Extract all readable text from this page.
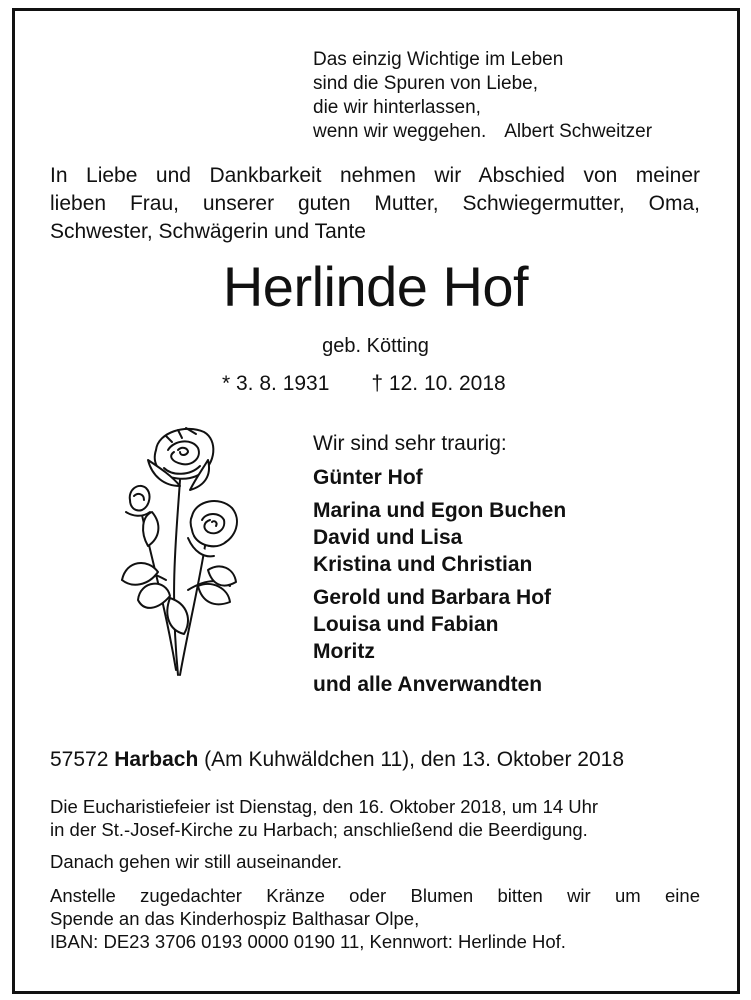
Das einzig Wichtige im Leben
sind die Spuren von Liebe,
die wir hinterlassen,
wenn wir weggehen. Albert Schweitzer
In Liebe und Dankbarkeit nehmen wir Abschied von meiner
lieben Frau, unserer guten Mutter, Schwiegermutter, Oma,
Schwester, Schwägerin und Tante
Herlinde Hof
geb. Kötting
* 3. 8. 1931 † 12. 10. 2018
Wir sind sehr traurig:
Günter Hof
Marina und Egon Buchen
David und Lisa
Kristina und Christian
Gerold und Barbara Hof
Louisa und Fabian
Moritz
und alle Anverwandten
57572 Harbach (Am Kuhwäldchen 11), den 13. Oktober 2018
Die Eucharistiefeier ist Dienstag, den 16. Oktober 2018, um 14 Uhr
in der St.-Josef-Kirche zu Harbach; anschließend die Beerdigung.
Danach gehen wir still auseinander.
Anstelle zugedachter Kränze oder Blumen bitten wir um eine
Spende an das Kinderhospiz Balthasar Olpe,
IBAN: DE23 3706 0193 0000 0190 11, Kennwort: Herlinde Hof.
